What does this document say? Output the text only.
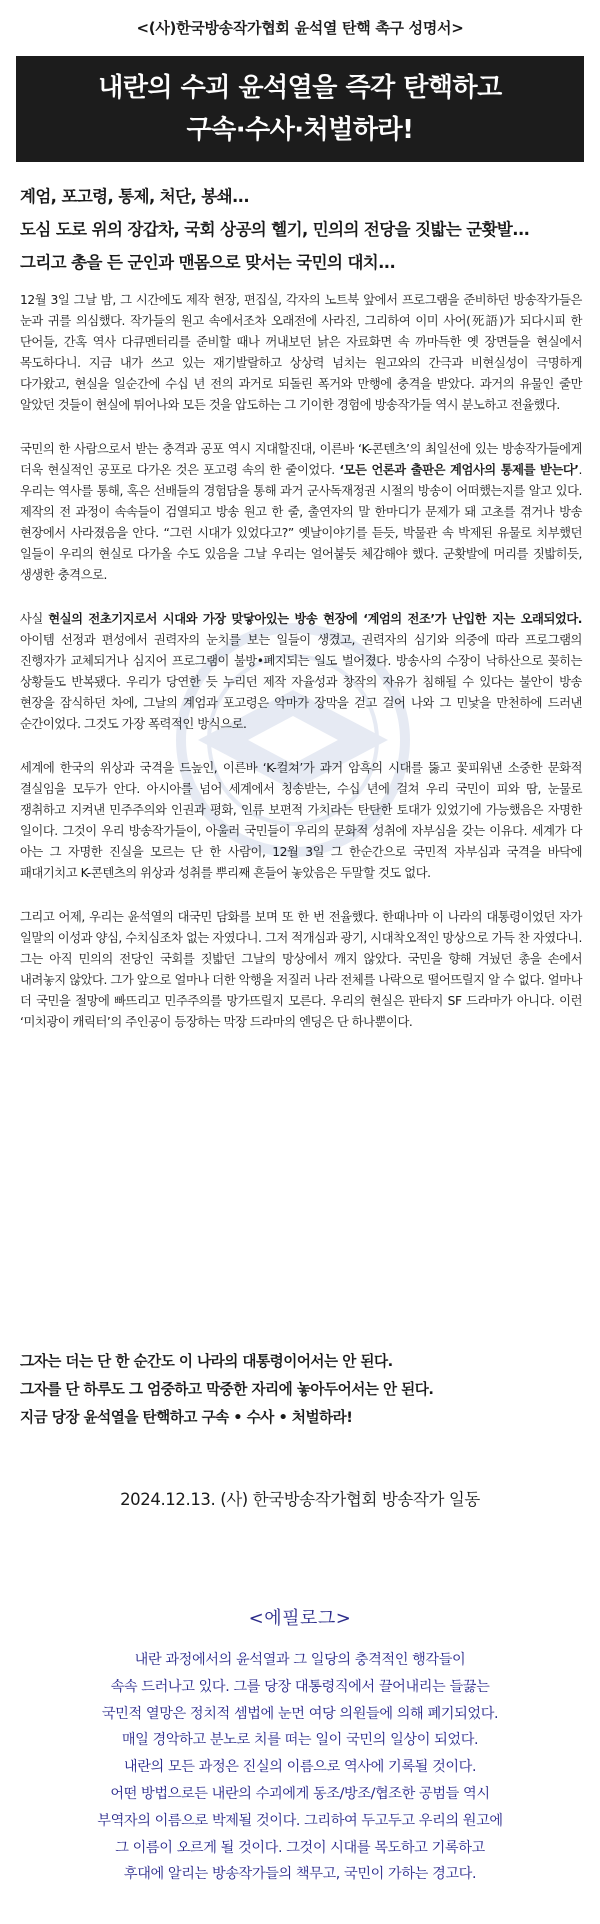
<(사)한국방송작가협회 윤석열 탄핵 촉구 성명서>

내란의 수괴 윤석열을 즉각 탄핵하고
구속·수사·처벌하라!
계엄, 포고령, 통제, 처단, 봉쇄...
도심 도로 위의 장갑차, 국회 상공의 헬기, 민의의 전당을 짓밟는 군홧발...
그리고 총을 든 군인과 맨몸으로 맞서는 국민의 대치...

12월 3일 그날 밤, 그 시간에도 제작 현장, 편집실, 각자의 노트북 앞에서 프로그램을 준비하던 방송작가들은 눈과 귀를 의심했다. 작가들의 원고 속에서조차 오래전에 사라진, 그리하여 이미 사어(死語)가 되다시피 한 단어들, 간혹 역사 다큐멘터리를 준비할 때나 꺼내보던 낡은 자료화면 속 까마득한 옛 장면들을 현실에서 목도하다니. 지금 내가 쓰고 있는 재기발랄하고 상상력 넘치는 원고와의 간극과 비현실성이 극명하게 다가왔고, 현실을 일순간에 수십 년 전의 과거로 되돌린 폭거와 만행에 충격을 받았다. 과거의 유물인 줄만 알았던 것들이 현실에 튀어나와 모든 것을 압도하는 그 기이한 경험에 방송작가들 역시 분노하고 전율했다.

국민의 한 사람으로서 받는 충격과 공포 역시 지대할진대, 이른바 ‘K-콘텐츠’의 최일선에 있는 방송작가들에게 더욱 현실적인 공포로 다가온 것은 포고령 속의 한 줄이었다. ‘모든 언론과 출판은 계엄사의 통제를 받는다’. 우리는 역사를 통해, 혹은 선배들의 경험담을 통해 과거 군사독재정권 시절의 방송이 어떠했는지를 알고 있다. 제작의 전 과정이 속속들이 검열되고 방송 원고 한 줄, 출연자의 말 한마디가 문제가 돼 고초를 겪거나 방송 현장에서 사라졌음을 안다. “그런 시대가 있었다고?” 옛날이야기를 듣듯, 박물관 속 박제된 유물로 치부했던 일들이 우리의 현실로 다가올 수도 있음을 그날 우리는 얼어붙듯 체감해야 했다. 군홧발에 머리를 짓밟히듯, 생생한 충격으로.

사실 현실의 전초기지로서 시대와 가장 맞닿아있는 방송 현장에 ‘계엄의 전조’가 난입한 지는 오래되었다. 아이템 선정과 편성에서 권력자의 눈치를 보는 일들이 생겼고, 권력자의 심기와 의중에 따라 프로그램의 진행자가 교체되거나 심지어 프로그램이 불방•폐지되는 일도 벌어졌다. 방송사의 수장이 낙하산으로 꽂히는 상황들도 반복됐다. 우리가 당연한 듯 누리던 제작 자율성과 창작의 자유가 침해될 수 있다는 불안이 방송 현장을 잠식하던 차에, 그날의 계엄과 포고령은 악마가 장막을 걷고 걸어 나와 그 민낯을 만천하에 드러낸 순간이었다. 그것도 가장 폭력적인 방식으로.

세계에 한국의 위상과 국격을 드높인, 이른바 ‘K-컬쳐’가 과거 암흑의 시대를 뚫고 꽃피워낸 소중한 문화적 결실임을 모두가 안다. 아시아를 넘어 세계에서 칭송받는, 수십 년에 걸쳐 우리 국민이 피와 땀, 눈물로 쟁취하고 지켜낸 민주주의와 인권과 평화, 인류 보편적 가치라는 탄탄한 토대가 있었기에 가능했음은 자명한 일이다. 그것이 우리 방송작가들이, 아울러 국민들이 우리의 문화적 성취에 자부심을 갖는 이유다. 세계가 다 아는 그 자명한 진실을 모르는 단 한 사람이, 12월 3일 그 한순간으로 국민적 자부심과 국격을 바닥에 패대기치고 K-콘텐츠의 위상과 성취를 뿌리째 흔들어 놓았음은 두말할 것도 없다.

그리고 어제, 우리는 윤석열의 대국민 담화를 보며 또 한 번 전율했다. 한때나마 이 나라의 대통령이었던 자가 일말의 이성과 양심, 수치심조차 없는 자였다니. 그저 적개심과 광기, 시대착오적인 망상으로 가득 찬 자였다니. 그는 아직 민의의 전당인 국회를 짓밟던 그날의 망상에서 깨지 않았다. 국민을 향해 겨눴던 총을 손에서 내려놓지 않았다. 그가 앞으로 얼마나 더한 악행을 저질러 나라 전체를 나락으로 떨어뜨릴지 알 수 없다. 얼마나 더 국민을 절망에 빠뜨리고 민주주의를 망가뜨릴지 모른다. 우리의 현실은 판타지 SF 드라마가 아니다. 이런 ‘미치광이 캐릭터’의 주인공이 등장하는 막장 드라마의 엔딩은 단 하나뿐이다.

그자는 더는 단 한 순간도 이 나라의 대통령이어서는 안 된다.
그자를 단 하루도 그 엄중하고 막중한 자리에 놓아두어서는 안 된다.
지금 당장 윤석열을 탄핵하고 구속 • 수사 • 처벌하라!
2024.12.13. (사) 한국방송작가협회 방송작가 일동
<에필로그>
내란 과정에서의 윤석열과 그 일당의 충격적인 행각들이
속속 드러나고 있다. 그를 당장 대통령직에서 끌어내리는 들끓는
국민적 열망은 정치적 셈법에 눈먼 여당 의원들에 의해 폐기되었다.
매일 경악하고 분노로 치를 떠는 일이 국민의 일상이 되었다.
내란의 모든 과정은 진실의 이름으로 역사에 기록될 것이다.
어떤 방법으로든 내란의 수괴에게 동조/방조/협조한 공범들 역시
부역자의 이름으로 박제될 것이다. 그리하여 두고두고 우리의 원고에
그 이름이 오르게 될 것이다. 그것이 시대를 목도하고 기록하고
후대에 알리는 방송작가들의 책무고, 국민이 가하는 경고다.
